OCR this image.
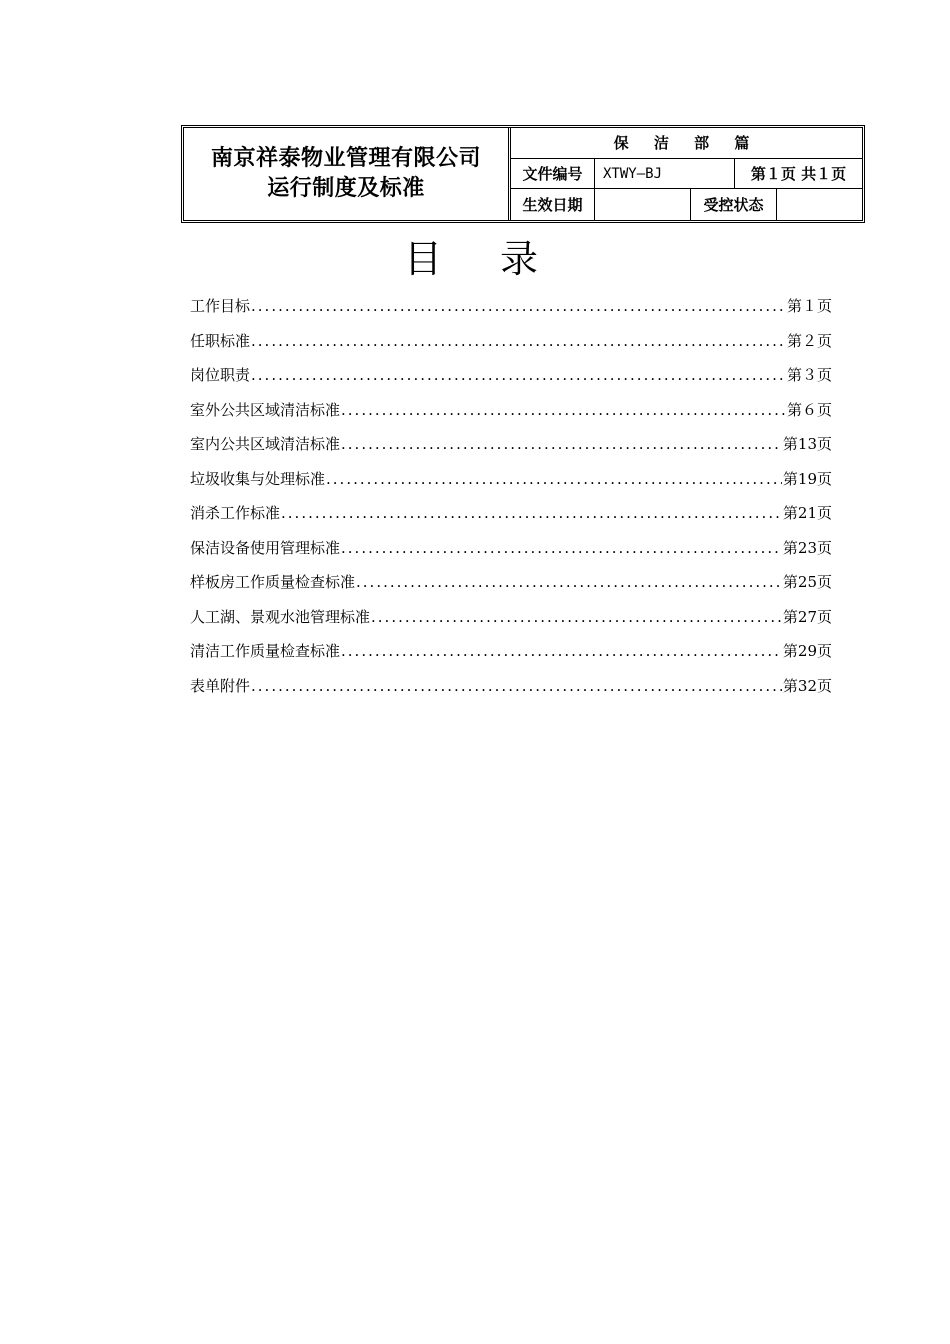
南京祥泰物业管理有限公司
运行制度及标准
保 洁 部 篇
文件编号	XTWY—BJ	第１页 共１页
生效日期	受控状态
目录
工作目标 .....	第１页
任职标准 .....	第２页
岗位职责 .....	第３页
室外公共区域清洁标准 .....	第６页
室内公共区域清洁标准 .....	第13页
垃圾收集与处理标准 .....	第19页
消杀工作标准 .....	第21页
保洁设备使用管理标准 .....	第23页
样板房工作质量检查标准 .....	第25页
人工湖、景观水池管理标准 .....	第27页
清洁工作质量检查标准 .....	第29页
表单附件 .....	第32页
